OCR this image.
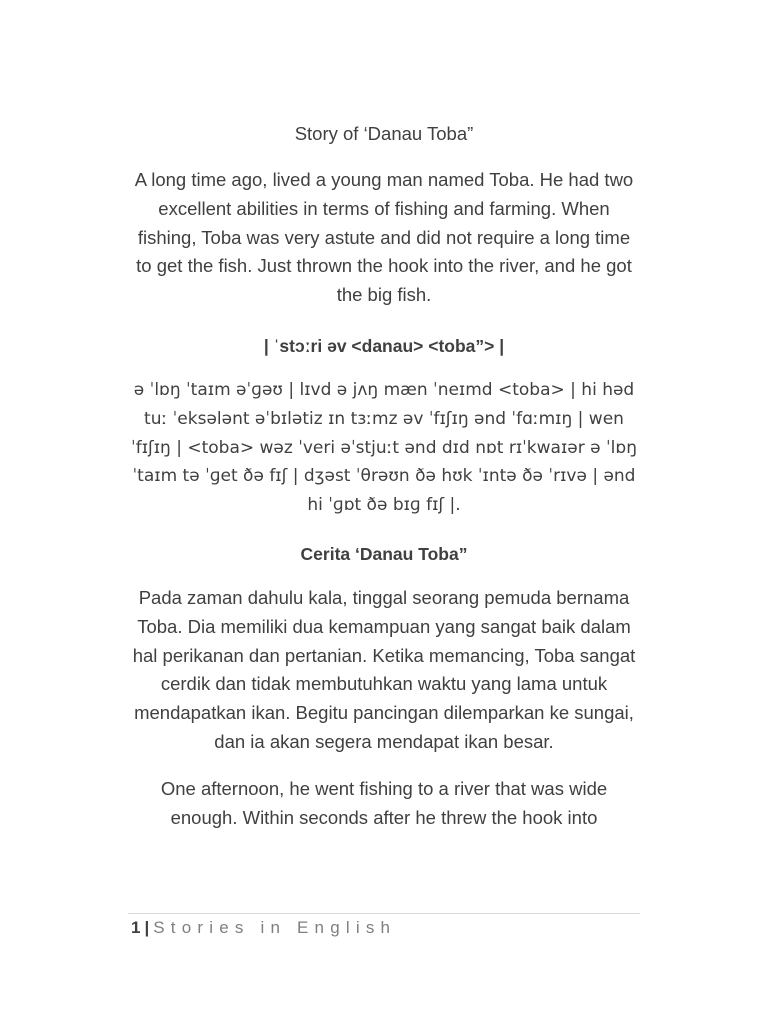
Story of ‘Danau Toba”

A long time ago, lived a young man named Toba. He had two excellent abilities in terms of fishing and farming. When fishing, Toba was very astute and did not require a long time to get the fish. Just thrown the hook into the river, and he got the big fish.

| ˈstɔːri əv <danau> <toba”> |

ə ˈlɒŋ ˈtaɪm əˈɡəʊ | lɪvd ə jʌŋ mæn ˈneɪmd <toba> | hi həd tuː ˈeksələnt əˈbɪlətiz ɪn tɜːmz əv ˈfɪʃɪŋ ənd ˈfɑːmɪŋ | wen ˈfɪʃɪŋ | <toba> wəz ˈveri əˈstjuːt ənd dɪd nɒt rɪˈkwaɪər ə ˈlɒŋ ˈtaɪm tə ˈɡet ðə fɪʃ | dʒəst ˈθrəʊn ðə hʊk ˈɪntə ðə ˈrɪvə | ənd hi ˈɡɒt ðə bɪɡ fɪʃ |.

Cerita ‘Danau Toba”

Pada zaman dahulu kala, tinggal seorang pemuda bernama Toba. Dia memiliki dua kemampuan yang sangat baik dalam hal perikanan dan pertanian. Ketika memancing, Toba sangat cerdik dan tidak membutuhkan waktu yang lama untuk mendapatkan ikan. Begitu pancingan dilemparkan ke sungai, dan ia akan segera mendapat ikan besar.

One afternoon, he went fishing to a river that was wide enough. Within seconds after he threw the hook into

1 | Stories in English
